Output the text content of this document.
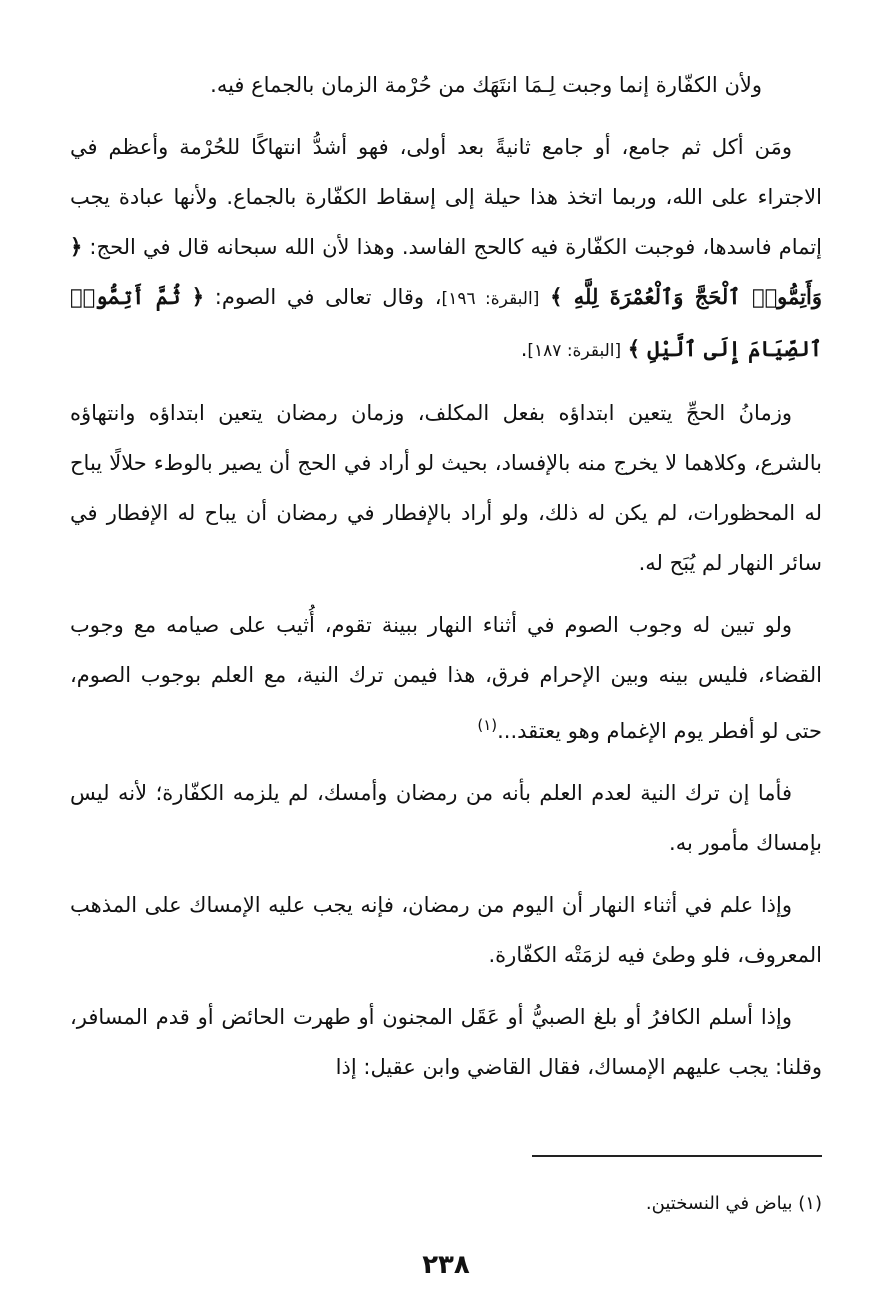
ولأن الكفّارة إنما وجبت لِـمَا انتَهَك من حُرْمة الزمان بالجماع فيه.

ومَن أكل ثم جامع، أو جامع ثانيةً بعد أولى، فهو أشدُّ انتهاكًا للحُرْمة وأعظم في الاجتراء على الله، وربما اتخذ هذا حيلة إلى إسقاط الكفّارة بالجماع. ولأنها عبادة يجب إتمام فاسدها، فوجبت الكفّارة فيه كالحج الفاسد. وهذا لأن الله سبحانه قال في الحج: ﴿ وَأَتِمُّوا۟ ٱلْحَجَّ وَٱلْعُمْرَةَ لِلَّهِ ﴾ [البقرة: ١٩٦]، وقال تعالى في الصوم: ﴿ ثُمَّ أَتِمُّوا۟ ٱلصِّيَامَ إِلَى ٱلَّيْلِ ﴾ [البقرة: ١٨٧].

وزمانُ الحجِّ يتعين ابتداؤه بفعل المكلف، وزمان رمضان يتعين ابتداؤه وانتهاؤه بالشرع، وكلاهما لا يخرج منه بالإفساد، بحيث لو أراد في الحج أن يصير بالوطء حلالًا يباح له المحظورات، لم يكن له ذلك، ولو أراد بالإفطار في رمضان أن يباح له الإفطار في سائر النهار لم يُبَح له.

ولو تبين له وجوب الصوم في أثناء النهار ببينة تقوم، أُثيب على صيامه مع وجوب القضاء، فليس بينه وبين الإحرام فرق، هذا فيمن ترك النية، مع العلم بوجوب الصوم، حتى لو أفطر يوم الإغمام وهو يعتقد...$^{(١)}$

فأما إن ترك النية لعدم العلم بأنه من رمضان وأمسك، لم يلزمه الكفّارة؛ لأنه ليس بإمساك مأمور به.

وإذا علم في أثناء النهار أن اليوم من رمضان، فإنه يجب عليه الإمساك على المذهب المعروف، فلو وطئ فيه لزمَتْه الكفّارة.

وإذا أسلم الكافرُ أو بلغ الصبيُّ أو عَقَل المجنون أو طهرت الحائض أو قدم المسافر، وقلنا: يجب عليهم الإمساك، فقال القاضي وابن عقيل: إذا

(١) بياض في النسختين.
٢٣٨
